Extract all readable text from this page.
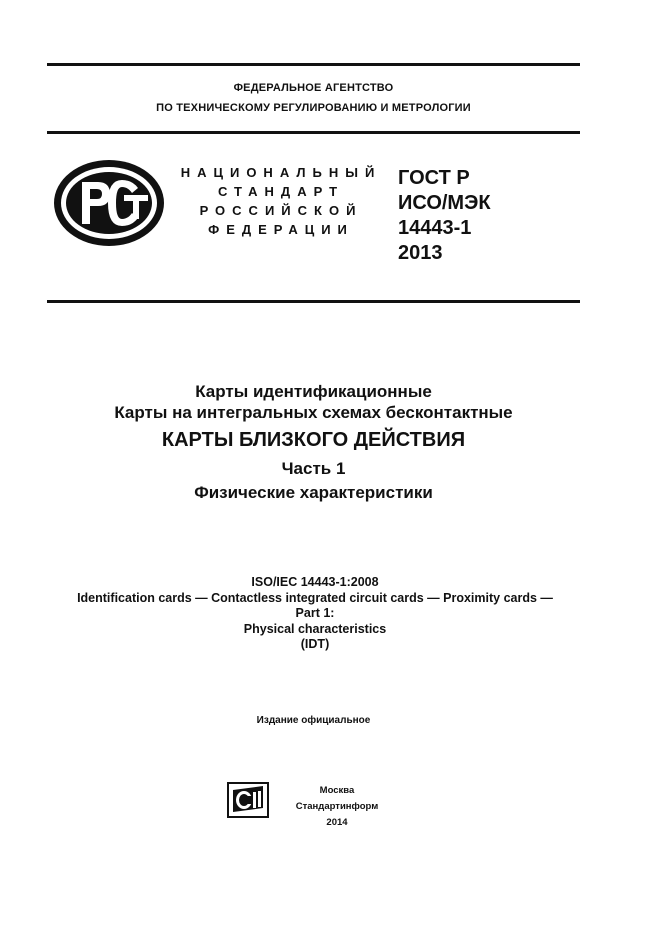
ФЕДЕРАЛЬНОЕ АГЕНТСТВО
ПО ТЕХНИЧЕСКОМУ РЕГУЛИРОВАНИЮ И МЕТРОЛОГИИ
НАЦИОНАЛЬНЫЙ
СТАНДАРТ
РОССИЙСКОЙ
ФЕДЕРАЦИИ
ГОСТ Р
ИСО/МЭК
14443-1
2013
Карты идентификационные
Карты на интегральных схемах бесконтактные
КАРТЫ БЛИЗКОГО ДЕЙСТВИЯ
Часть 1
Физические характеристики
ISO/IEC 14443-1:2008
Identification cards — Contactless integrated circuit cards — Proximity cards —
Part 1:
Physical characteristics
(IDT)
Издание официальное
Москва
Стандартинформ
2014
